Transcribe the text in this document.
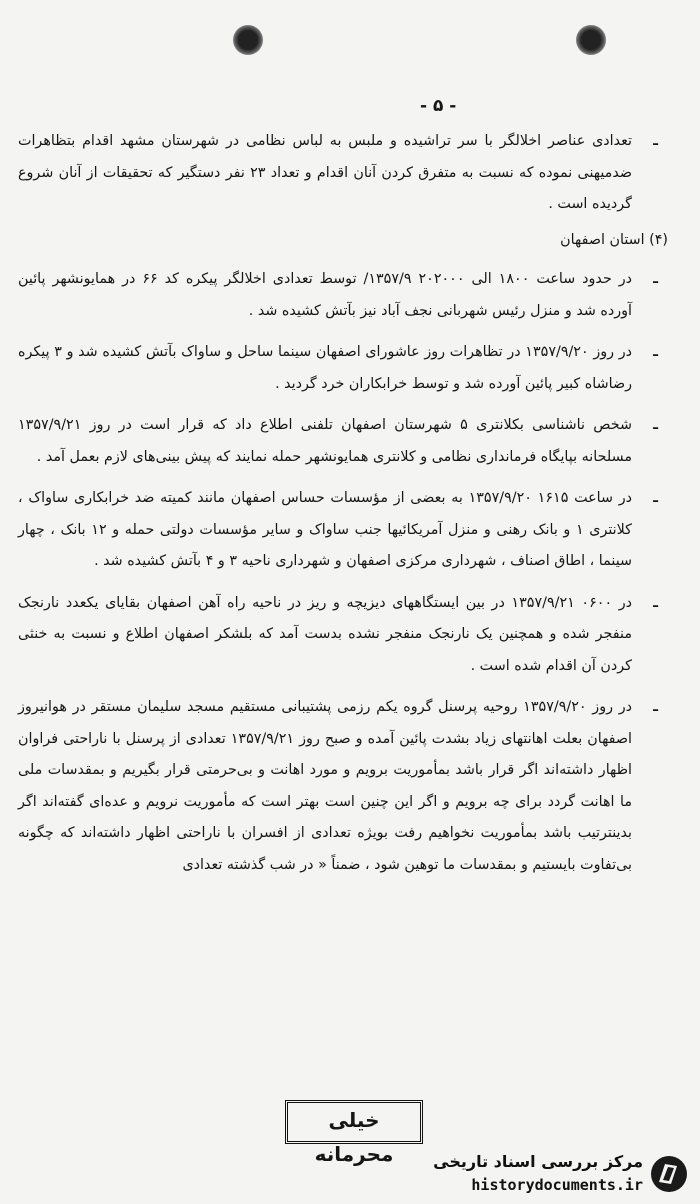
- ۵ -
ـ
تعدادی عناصر اخلالگر با سر تراشیده و ملبس به لباس نظامی در شهرستان مشهد اقدام بتظاهرات ضدمیهنی نموده که نسبت به متفرق کردن آنان اقدام و تعداد ۲۳ نفر دستگیر که تحقیقات از آنان شروع گردیده است .
(۴) استان اصفهان
ـ
در حدود ساعت ۱۸۰۰ الی ۲۰۲۰۰۰ ۱۳۵۷/۹/ توسط تعدادی اخلالگر پیکره کد ۶۶ در همایونشهر پائین آورده شد و منزل رئیس شهربانی نجف آباد نیز بآتش کشیده شد .
ـ
در روز ۱۳۵۷/۹/۲۰ در تظاهرات روز عاشورای اصفهان سینما ساحل و ساواک بآتش کشیده شد و ۳ پیکره رضاشاه کبیر پائین آورده شد و توسط خرابکاران خرد گردید .
ـ
شخص ناشناسی بکلانتری ۵ شهرستان اصفهان تلفنی اطلاع داد که قرار است در روز ۱۳۵۷/۹/۲۱ مسلحانه بپایگاه فرمانداری نظامی و کلانتری همایونشهر حمله نمایند که پیش بینی‌های لازم بعمل آمد .
ـ
در ساعت ۱۶۱۵ ۱۳۵۷/۹/۲۰ به بعضی از مؤسسات حساس اصفهان مانند کمیته ضد خرابکاری ساواک ، کلانتری ۱ و بانک رهنی و منزل آمریکائیها جنب ساواک و سایر مؤسسات دولتی حمله و ۱۲ بانک ، چهار سینما ، اطاق اصناف ، شهرداری مرکزی اصفهان و شهرداری ناحیه ۳ و ۴ بآتش کشیده شد .
ـ
در ۰۶۰۰ ۱۳۵۷/۹/۲۱ در بین ایستگاههای دیزیچه و ریز در ناحیه راه آهن اصفهان بقایای یکعدد نارنجک منفجر شده و همچنین یک نارنجک منفجر نشده بدست آمد که بلشکر اصفهان اطلاع و نسبت به خنثی کردن آن اقدام شده است .
ـ
در روز ۱۳۵۷/۹/۲۰ روحیه پرسنل گروه یکم رزمی پشتیبانی مستقیم مسجد سلیمان مستقر در هوانیروز اصفهان بعلت اهانتهای زیاد بشدت پائین آمده و صبح روز ۱۳۵۷/۹/۲۱ تعدادی از پرسنل با ناراحتی فراوان اظهار داشته‌اند اگر قرار باشد بمأموریت برویم و مورد اهانت و بی‌حرمتی قرار بگیریم و بمقدسات ملی ما اهانت گردد برای چه برویم و اگر این چنین است بهتر است که مأموریت نرویم و عده‌ای گفته‌اند اگر بدینترتیب باشد بمأموریت نخواهیم رفت بویژه تعدادی از افسران با ناراحتی اظهار داشته‌اند که چگونه بی‌تفاوت بایستیم و بمقدسات ما توهین شود ، ضمناً « در شب گذشته تعدادی
خیلی محرمانه	مرکز بررسی اسناد تاریخی
historydocuments.ir
